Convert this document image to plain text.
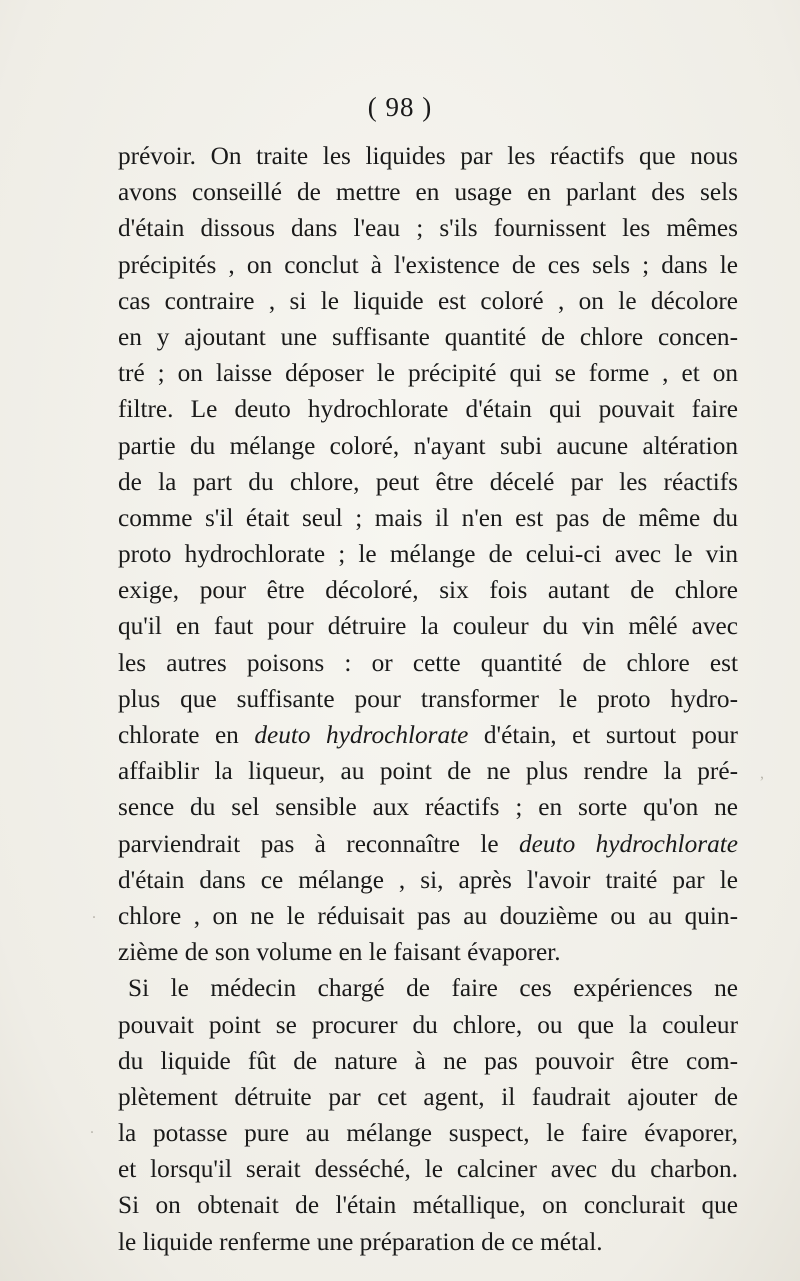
( 98 )
prévoir. On traite les liquides par les réactifs que nous
avons conseillé de mettre en usage en parlant des sels
d'étain dissous dans l'eau ; s'ils fournissent les mêmes
précipités , on conclut à l'existence de ces sels ; dans le
cas contraire , si le liquide est coloré , on le décolore
en y ajoutant une suffisante quantité de chlore concen-
tré ; on laisse déposer le précipité qui se forme , et on
filtre. Le deuto hydrochlorate d'étain qui pouvait faire
partie du mélange coloré, n'ayant subi aucune altération
de la part du chlore, peut être décelé par les réactifs
comme s'il était seul ; mais il n'en est pas de même du
proto hydrochlorate ; le mélange de celui-ci avec le vin
exige, pour être décoloré, six fois autant de chlore
qu'il en faut pour détruire la couleur du vin mêlé avec
les autres poisons : or cette quantité de chlore est
plus que suffisante pour transformer le proto hydro-
chlorate en deuto hydrochlorate d'étain, et surtout pour
affaiblir la liqueur, au point de ne plus rendre la pré-
sence du sel sensible aux réactifs ; en sorte qu'on ne
parviendrait pas à reconnaître le deuto hydrochlorate
d'étain dans ce mélange , si, après l'avoir traité par le
chlore , on ne le réduisait pas au douzième ou au quin-
zième de son volume en le faisant évaporer.
Si le médecin chargé de faire ces expériences ne
pouvait point se procurer du chlore, ou que la couleur
du liquide fût de nature à ne pas pouvoir être com-
plètement détruite par cet agent, il faudrait ajouter de
la potasse pure au mélange suspect, le faire évaporer,
et lorsqu'il serait desséché, le calciner avec du charbon.
Si on obtenait de l'étain métallique, on conclurait que
le liquide renferme une préparation de ce métal.
,
.
.
